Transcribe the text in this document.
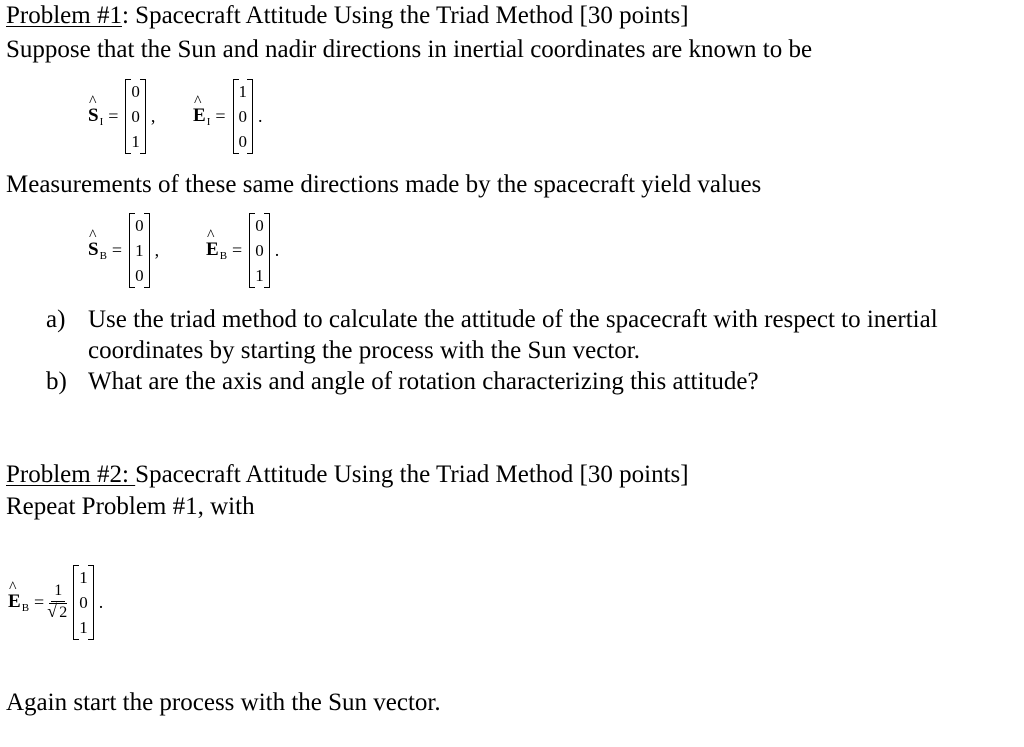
Problem #1: Spacecraft Attitude Using the Triad Method [30 points]
Suppose that the Sun and nadir directions in inertial coordinates are known to be
^
$S_I$ =
0
0
1
,
^
$E_I$ =
1
0
0
.
Measurements of these same directions made by the spacecraft yield values
^
$S_B$ =
0
1
0
,
^
$E_B$ =
0
0
1
.
a) Use the triad method to calculate the attitude of the spacecraft with respect to inertial
coordinates by starting the process with the Sun vector.
b) What are the axis and angle of rotation characterizing this attitude?
Problem #2: Spacecraft Attitude Using the Triad Method [30 points]
Repeat Problem #1, with
^
$E_B = 1$
√ 2
1
0
1
.
Again start the process with the Sun vector.
